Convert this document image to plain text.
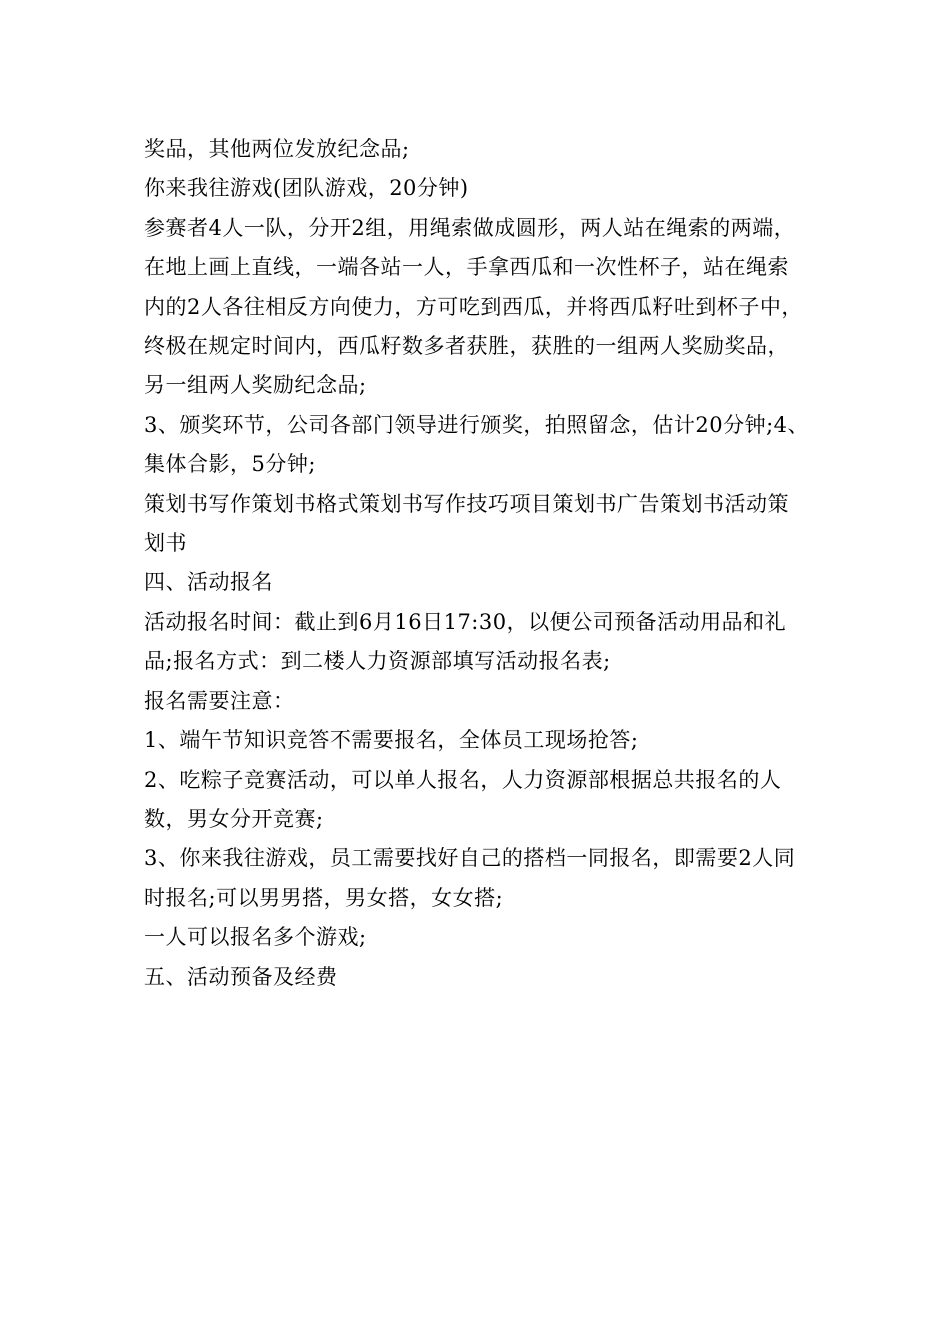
奖品，其他两位发放纪念品;

你来我往游戏(团队游戏，20分钟)

参赛者4人一队，分开2组，用绳索做成圆形，两人站在绳索的两端，在地上画上直线，一端各站一人，手拿西瓜和一次性杯子，站在绳索内的2人各往相反方向使力，方可吃到西瓜，并将西瓜籽吐到杯子中，终极在规定时间内，西瓜籽数多者获胜，获胜的一组两人奖励奖品，另一组两人奖励纪念品;

3、颁奖环节，公司各部门领导进行颁奖，拍照留念，估计20分钟;4、集体合影，5分钟;

策划书写作策划书格式策划书写作技巧项目策划书广告策划书活动策划书

四、活动报名

活动报名时间：截止到6月16日17:30，以便公司预备活动用品和礼品;报名方式：到二楼人力资源部填写活动报名表;

报名需要注意：

1、端午节知识竞答不需要报名，全体员工现场抢答;

2、吃粽子竞赛活动，可以单人报名，人力资源部根据总共报名的人数，男女分开竞赛;

3、你来我往游戏，员工需要找好自己的搭档一同报名，即需要2人同时报名;可以男男搭，男女搭，女女搭;

一人可以报名多个游戏;

五、活动预备及经费
